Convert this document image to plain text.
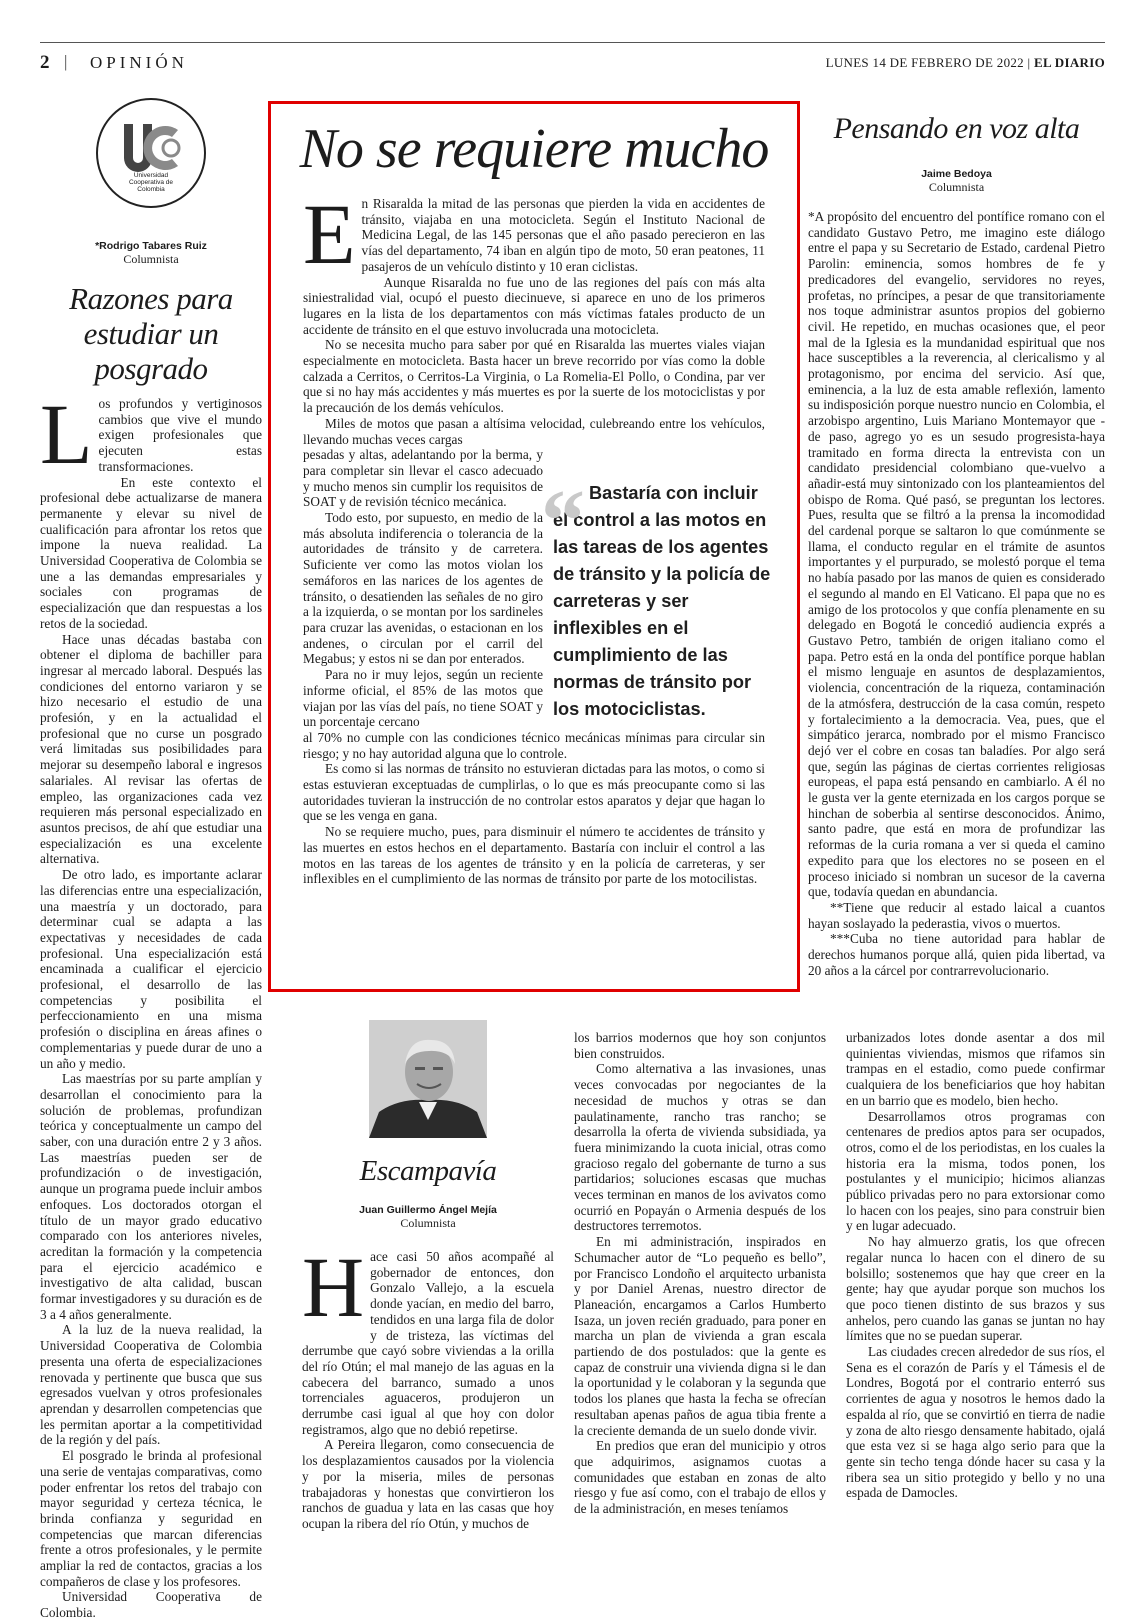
2 | OPINIÓN	LUNES 14 DE FEBRERO DE 2022 | EL DIARIO
Universidad Cooperativa de Colombia
*Rodrigo Tabares Ruiz
Columnista
Razones para estudiar un posgrado

Los profundos y vertiginosos cambios que vive el mundo exigen profesionales que ejecuten estas transformaciones.

En este contexto el profesional debe actualizarse de manera permanente y elevar su nivel de cualificación para afrontar los retos que impone la nueva realidad. La Universidad Cooperativa de Colombia se une a las demandas empresariales y sociales con programas de especialización que dan respuestas a los retos de la sociedad.

Hace unas décadas bastaba con obtener el diploma de bachiller para ingresar al mercado laboral. Después las condiciones del entorno variaron y se hizo necesario el estudio de una profesión, y en la actualidad el profesional que no curse un posgrado verá limitadas sus posibilidades para mejorar su desempeño laboral e ingresos salariales. Al revisar las ofertas de empleo, las organizaciones cada vez requieren más personal especializado en asuntos precisos, de ahí que estudiar una especialización es una excelente alternativa.

De otro lado, es importante aclarar las diferencias entre una especialización, una maestría y un doctorado, para determinar cual se adapta a las expectativas y necesidades de cada profesional. Una especialización está encaminada a cualificar el ejercicio profesional, el desarrollo de las competencias y posibilita el perfeccionamiento en una misma profesión o disciplina en áreas afines o complementarias y puede durar de uno a un año y medio.

Las maestrías por su parte amplían y desarrollan el conocimiento para la solución de problemas, profundizan teórica y conceptualmente un campo del saber, con una duración entre 2 y 3 años. Las maestrías pueden ser de profundización o de investigación, aunque un programa puede incluir ambos enfoques. Los doctorados otorgan el título de un mayor grado educativo comparado con los anteriores niveles, acreditan la formación y la competencia para el ejercicio académico e investigativo de alta calidad, buscan formar investigadores y su duración es de 3 a 4 años generalmente.

A la luz de la nueva realidad, la Universidad Cooperativa de Colombia presenta una oferta de especializaciones renovada y pertinente que busca que sus egresados vuelvan y otros profesionales aprendan y desarrollen competencias que les permitan aportar a la competitividad de la región y del país.

El posgrado le brinda al profesional una serie de ventajas comparativas, como poder enfrentar los retos del trabajo con mayor seguridad y certeza técnica, le brinda confianza y seguridad en competencias que marcan diferencias frente a otros profesionales, y le permite ampliar la red de contactos, gracias a los compañeros de clase y los profesores.

Universidad Cooperativa de Colombia.

No se requiere mucho

En Risaralda la mitad de las personas que pierden la vida en accidentes de tránsito, viajaba en una motocicleta. Según el Instituto Nacional de Medicina Legal, de las 145 personas que el año pasado perecieron en las vías del departamento, 74 iban en algún tipo de moto, 50 eran peatones, 11 pasajeros de un vehículo distinto y 10 eran ciclistas.

Aunque Risaralda no fue uno de las regiones del país con más alta siniestralidad vial, ocupó el puesto diecinueve, si aparece en uno de los primeros lugares en la lista de los departamentos con más víctimas fatales producto de un accidente de tránsito en el que estuvo involucrada una motocicleta.

No se necesita mucho para saber por qué en Risaralda las muertes viales viajan especialmente en motocicleta. Basta hacer un breve recorrido por vías como la doble calzada a Cerritos, o Cerritos-La Virginia, o La Romelia-El Pollo, o Condina, par ver que si no hay más accidentes y más muertes es por la suerte de los motociclistas y por la precaución de los demás vehículos.

Miles de motos que pasan a altísima velocidad, culebreando entre los vehículos, llevando muchas veces cargas

pesadas y altas, adelantando por la berma, y para completar sin llevar el casco adecuado y mucho menos sin cumplir los requisitos de SOAT y de revisión técnico mecánica.

Todo esto, por supuesto, en medio de la más absoluta indiferencia o tolerancia de la autoridades de tránsito y de carretera. Suficiente ver como las motos violan los semáforos en las narices de los agentes de tránsito, o desatienden las señales de no giro a la izquierda, o se montan por los sardineles para cruzar las avenidas, o estacionan en los andenes, o circulan por el carril del Megabus; y estos ni se dan por enterados.

Para no ir muy lejos, según un reciente informe oficial, el 85% de las motos que viajan por las vías del país, no tiene SOAT y un porcentaje cercano

al 70% no cumple con las condiciones técnico mecánicas mínimas para circular sin riesgo; y no hay autoridad alguna que lo controle.

Es como si las normas de tránsito no estuvieran dictadas para las motos, o como si estas estuvieran exceptuadas de cumplirlas, o lo que es más preocupante como si las autoridades tuvieran la instrucción de no controlar estos aparatos y dejar que hagan lo que se les venga en gana.

No se requiere mucho, pues, para disminuir el número te accidentes de tránsito y las muertes en estos hechos en el departamento. Bastaría con incluir el control a las motos en las tareas de los agentes de tránsito y en la policía de carreteras, y ser inflexibles en el cumplimiento de las normas de tránsito por parte de los motocilistas.

“ Bastaría con incluir el control a las motos en las tareas de los agentes de tránsito y la policía de carreteras y ser inflexibles en el cumplimiento de las normas de tránsito por los motociclistas.
Pensando en voz alta
Jaime Bedoya
Columnista

*A propósito del encuentro del pontífice romano con el candidato Gustavo Petro, me imagino este diálogo entre el papa y su Secretario de Estado, cardenal Pietro Parolin: eminencia, somos hombres de fe y predicadores del evangelio, servidores no reyes, profetas, no príncipes, a pesar de que transitoriamente nos toque administrar asuntos propios del gobierno civil. He repetido, en muchas ocasiones que, el peor mal de la Iglesia es la mundanidad espiritual que nos hace susceptibles a la reverencia, al clericalismo y al protagonismo, por encima del servicio. Así que, eminencia, a la luz de esta amable reflexión, lamento su indisposición porque nuestro nuncio en Colombia, el arzobispo argentino, Luis Mariano Montemayor que -de paso, agrego yo es un sesudo progresista-haya tramitado en forma directa la entrevista con un candidato presidencial colombiano que-vuelvo a añadir-está muy sintonizado con los planteamientos del obispo de Roma. Qué pasó, se preguntan los lectores. Pues, resulta que se filtró a la prensa la incomodidad del cardenal porque se saltaron lo que comúnmente se llama, el conducto regular en el trámite de asuntos importantes y el purpurado, se molestó porque el tema no había pasado por las manos de quien es considerado el segundo al mando en El Vaticano. El papa que no es amigo de los protocolos y que confía plenamente en su delegado en Bogotá le concedió audiencia exprés a Gustavo Petro, también de origen italiano como el papa. Petro está en la onda del pontífice porque hablan el mismo lenguaje en asuntos de desplazamientos, violencia, concentración de la riqueza, contaminación de la atmósfera, destrucción de la casa común, respeto y fortalecimiento a la democracia. Vea, pues, que el simpático jerarca, nombrado por el mismo Francisco dejó ver el cobre en cosas tan baladíes. Por algo será que, según las páginas de ciertas corrientes religiosas europeas, el papa está pensando en cambiarlo. A él no le gusta ver la gente eternizada en los cargos porque se hinchan de soberbia al sentirse desconocidos. Ánimo, santo padre, que está en mora de profundizar las reformas de la curia romana a ver si queda el camino expedito para que los electores no se poseen en el proceso iniciado si nombran un sucesor de la caverna que, todavía quedan en abundancia.

**Tiene que reducir al estado laical a cuantos hayan soslayado la pederastia, vivos o muertos.

***Cuba no tiene autoridad para hablar de derechos humanos porque allá, quien pida libertad, va 20 años a la cárcel por contrarrevolucionario.

Escampavía
Juan Guillermo Ángel Mejía
Columnista

Hace casi 50 años acompañé al gobernador de entonces, don Gonzalo Vallejo, a la escuela donde yacían, en medio del barro, tendidos en una larga fila de dolor y de tristeza, las víctimas del derrumbe que cayó sobre viviendas a la orilla del río Otún; el mal manejo de las aguas en la cabecera del barranco, sumado a unos torrenciales aguaceros, produjeron un derrumbe casi igual al que hoy con dolor registramos, algo que no debió repetirse.

A Pereira llegaron, como consecuencia de los desplazamientos causados por la violencia y por la miseria, miles de personas trabajadoras y honestas que convirtieron los ranchos de guadua y lata en las casas que hoy ocupan la ribera del río Otún, y muchos de

los barrios modernos que hoy son conjuntos bien construidos.

Como alternativa a las invasiones, unas veces convocadas por negociantes de la necesidad de muchos y otras se dan paulatinamente, rancho tras rancho; se desarrolla la oferta de vivienda subsidiada, ya fuera minimizando la cuota inicial, otras como gracioso regalo del gobernante de turno a sus partidarios; soluciones escasas que muchas veces terminan en manos de los avivatos como ocurrió en Popayán o Armenia después de los destructores terremotos.

En mi administración, inspirados en Schumacher autor de “Lo pequeño es bello”, por Francisco Londoño el arquitecto urbanista y por Daniel Arenas, nuestro director de Planeación, encargamos a Carlos Humberto Isaza, un joven recién graduado, para poner en marcha un plan de vivienda a gran escala partiendo de dos postulados: que la gente es capaz de construir una vivienda digna si le dan la oportunidad y le colaboran y la segunda que todos los planes que hasta la fecha se ofrecían resultaban apenas paños de agua tibia frente a la creciente demanda de un suelo donde vivir.

En predios que eran del municipio y otros que adquirimos, asignamos cuotas a comunidades que estaban en zonas de alto riesgo y fue así como, con el trabajo de ellos y de la administración, en meses teníamos

urbanizados lotes donde asentar a dos mil quinientas viviendas, mismos que rifamos sin trampas en el estadio, como puede confirmar cualquiera de los beneficiarios que hoy habitan en un barrio que es modelo, bien hecho.

Desarrollamos otros programas con centenares de predios aptos para ser ocupados, otros, como el de los periodistas, en los cuales la historia era la misma, todos ponen, los postulantes y el municipio; hicimos alianzas público privadas pero no para extorsionar como lo hacen con los peajes, sino para construir bien y en lugar adecuado.

No hay almuerzo gratis, los que ofrecen regalar nunca lo hacen con el dinero de su bolsillo; sostenemos que hay que creer en la gente; hay que ayudar porque son muchos los que poco tienen distinto de sus brazos y sus anhelos, pero cuando las ganas se juntan no hay límites que no se puedan superar.

Las ciudades crecen alrededor de sus ríos, el Sena es el corazón de París y el Támesis el de Londres, Bogotá por el contrario enterró sus corrientes de agua y nosotros le hemos dado la espalda al río, que se convirtió en tierra de nadie y zona de alto riesgo densamente habitado, ojalá que esta vez si se haga algo serio para que la gente sin techo tenga dónde hacer su casa y la ribera sea un sitio protegido y bello y no una espada de Damocles.
